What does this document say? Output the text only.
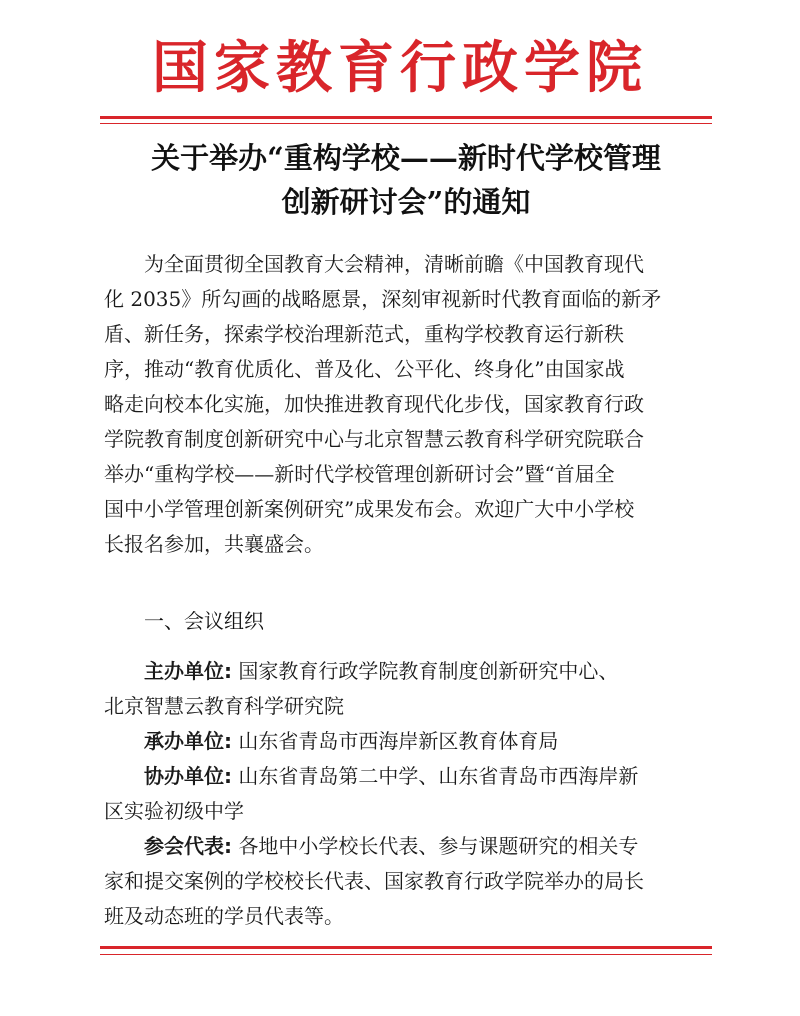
国家教育行政学院
关于举办“重构学校——新时代学校管理
创新研讨会”的通知
为全面贯彻全国教育大会精神，清晰前瞻《中国教育现代
化 2035》所勾画的战略愿景，深刻审视新时代教育面临的新矛
盾、新任务，探索学校治理新范式，重构学校教育运行新秩
序，推动“教育优质化、普及化、公平化、终身化”由国家战
略走向校本化实施，加快推进教育现代化步伐，国家教育行政
学院教育制度创新研究中心与北京智慧云教育科学研究院联合
举办“重构学校——新时代学校管理创新研讨会”暨“首届全
国中小学管理创新案例研究”成果发布会。欢迎广大中小学校
长报名参加，共襄盛会。
一、会议组织
主办单位: 国家教育行政学院教育制度创新研究中心、
北京智慧云教育科学研究院
承办单位: 山东省青岛市西海岸新区教育体育局
协办单位: 山东省青岛第二中学、山东省青岛市西海岸新
区实验初级中学
参会代表: 各地中小学校长代表、参与课题研究的相关专
家和提交案例的学校校长代表、国家教育行政学院举办的局长
班及动态班的学员代表等。
